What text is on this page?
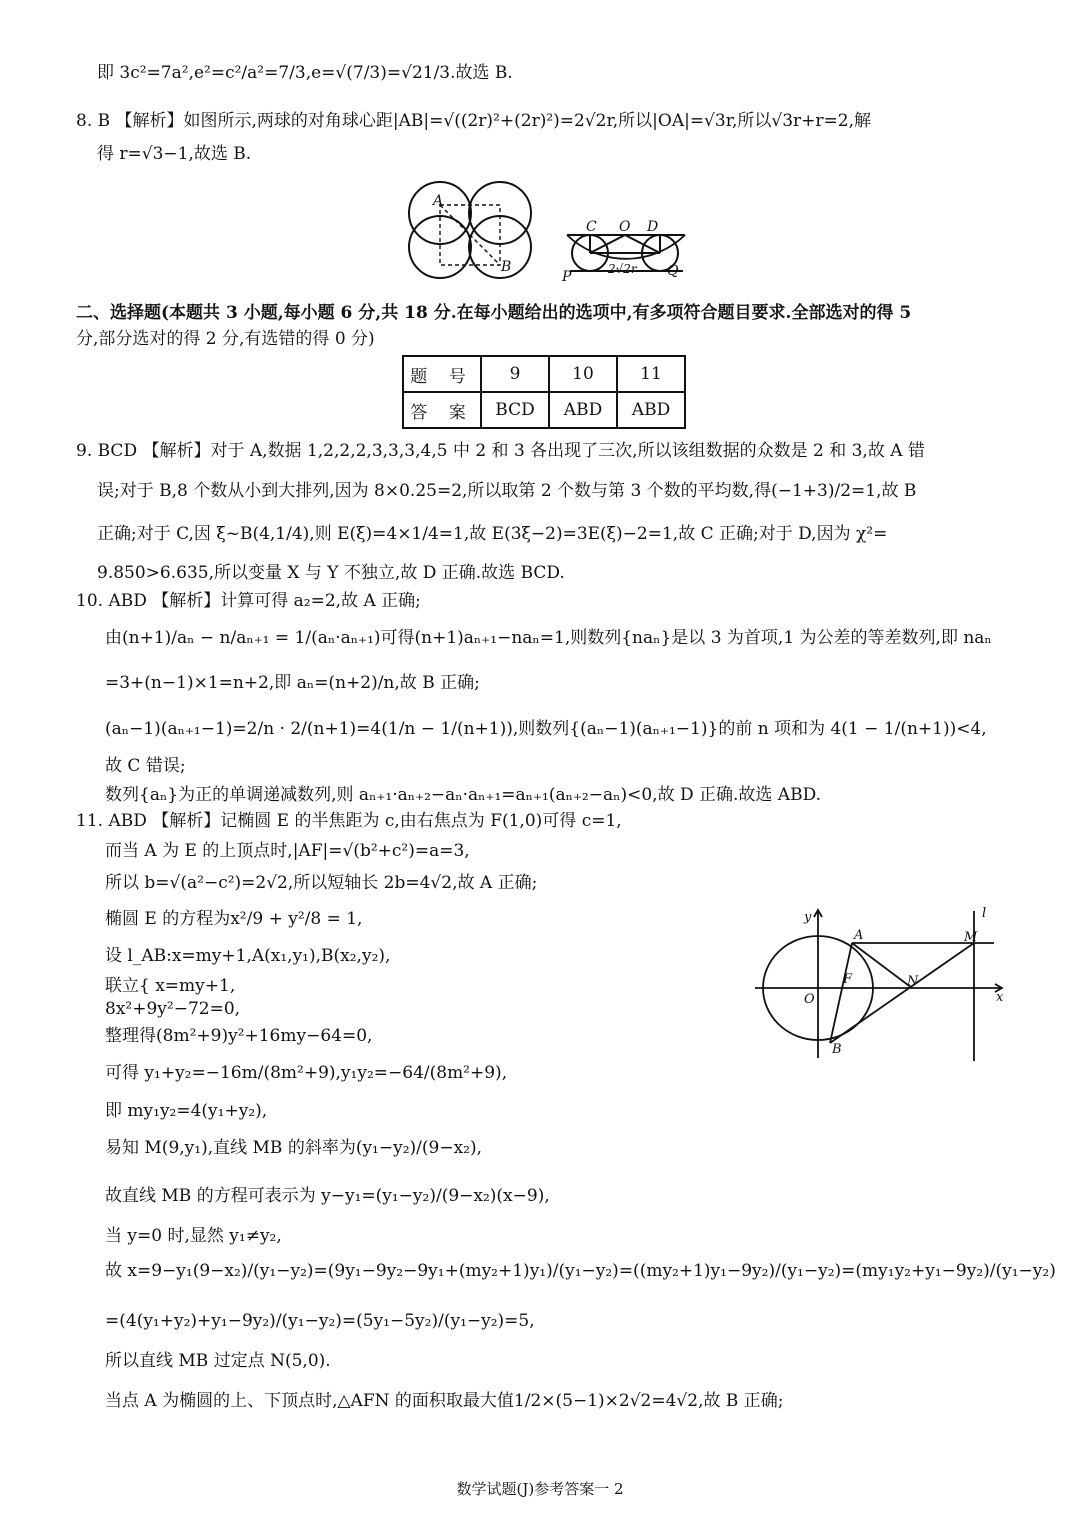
即 3c²=7a²,e²=c²/a²=7/3,e=√(7/3)=√21/3.故选 B.
8. B 【解析】如图所示,两球的对角球心距|AB|=√((2r)²+(2r)²)=2√2r,所以|OA|=√3r,所以√3r+r=2,解
得 r=√3−1,故选 B.
A
B
C O D
P	Q
2√2r
二、选择题(本题共 3 小题,每小题 6 分,共 18 分.在每小题给出的选项中,有多项符合题目要求.全部选对的得 5
分,部分选对的得 2 分,有选错的得 0 分)
题 号	9	10	11
答 案	BCD	ABD	ABD
9. BCD 【解析】对于 A,数据 1,2,2,2,3,3,3,4,5 中 2 和 3 各出现了三次,所以该组数据的众数是 2 和 3,故 A 错
误;对于 B,8 个数从小到大排列,因为 8×0.25=2,所以取第 2 个数与第 3 个数的平均数,得(−1+3)/2=1,故 B
正确;对于 C,因 ξ~B(4,1/4),则 E(ξ)=4×1/4=1,故 E(3ξ−2)=3E(ξ)−2=1,故 C 正确;对于 D,因为 χ²=
9.850>6.635,所以变量 X 与 Y 不独立,故 D 正确.故选 BCD.
10. ABD 【解析】计算可得 a₂=2,故 A 正确;
由(n+1)/aₙ − n/aₙ₊₁ = 1/(aₙ·aₙ₊₁)可得(n+1)aₙ₊₁−naₙ=1,则数列{naₙ}是以 3 为首项,1 为公差的等差数列,即 naₙ
=3+(n−1)×1=n+2,即 aₙ=(n+2)/n,故 B 正确;
(aₙ−1)(aₙ₊₁−1)=2/n · 2/(n+1)=4(1/n − 1/(n+1)),则数列{(aₙ−1)(aₙ₊₁−1)}的前 n 项和为 4(1 − 1/(n+1))<4,
故 C 错误;
数列{aₙ}为正的单调递减数列,则 aₙ₊₁·aₙ₊₂−aₙ·aₙ₊₁=aₙ₊₁(aₙ₊₂−aₙ)<0,故 D 正确.故选 ABD.
11. ABD 【解析】记椭圆 E 的半焦距为 c,由右焦点为 F(1,0)可得 c=1,
而当 A 为 E 的上顶点时,|AF|=√(b²+c²)=a=3,
所以 b=√(a²−c²)=2√2,所以短轴长 2b=4√2,故 A 正确;
椭圆 E 的方程为x²/9 + y²/8 = 1,
设 l_AB:x=my+1,A(x₁,y₁),B(x₂,y₂),
联立{ x=my+1,
8x²+9y²−72=0,
整理得(8m²+9)y²+16my−64=0,
可得 y₁+y₂=−16m/(8m²+9),y₁y₂=−64/(8m²+9),
即 my₁y₂=4(y₁+y₂),
易知 M(9,y₁),直线 MB 的斜率为(y₁−y₂)/(9−x₂),
故直线 MB 的方程可表示为 y−y₁=(y₁−y₂)/(9−x₂)(x−9),
当 y=0 时,显然 y₁≠y₂,
故 x=9−y₁(9−x₂)/(y₁−y₂)=(9y₁−9y₂−9y₁+(my₂+1)y₁)/(y₁−y₂)=((my₂+1)y₁−9y₂)/(y₁−y₂)=(my₁y₂+y₁−9y₂)/(y₁−y₂)
=(4(y₁+y₂)+y₁−9y₂)/(y₁−y₂)=(5y₁−5y₂)/(y₁−y₂)=5,
所以直线 MB 过定点 N(5,0).
当点 A 为椭圆的上、下顶点时,△AFN 的面积取最大值1/2×(5−1)×2√2=4√2,故 B 正确;
y
x
l
A	M
F	N
O
B
数学试题(J)参考答案一 2
